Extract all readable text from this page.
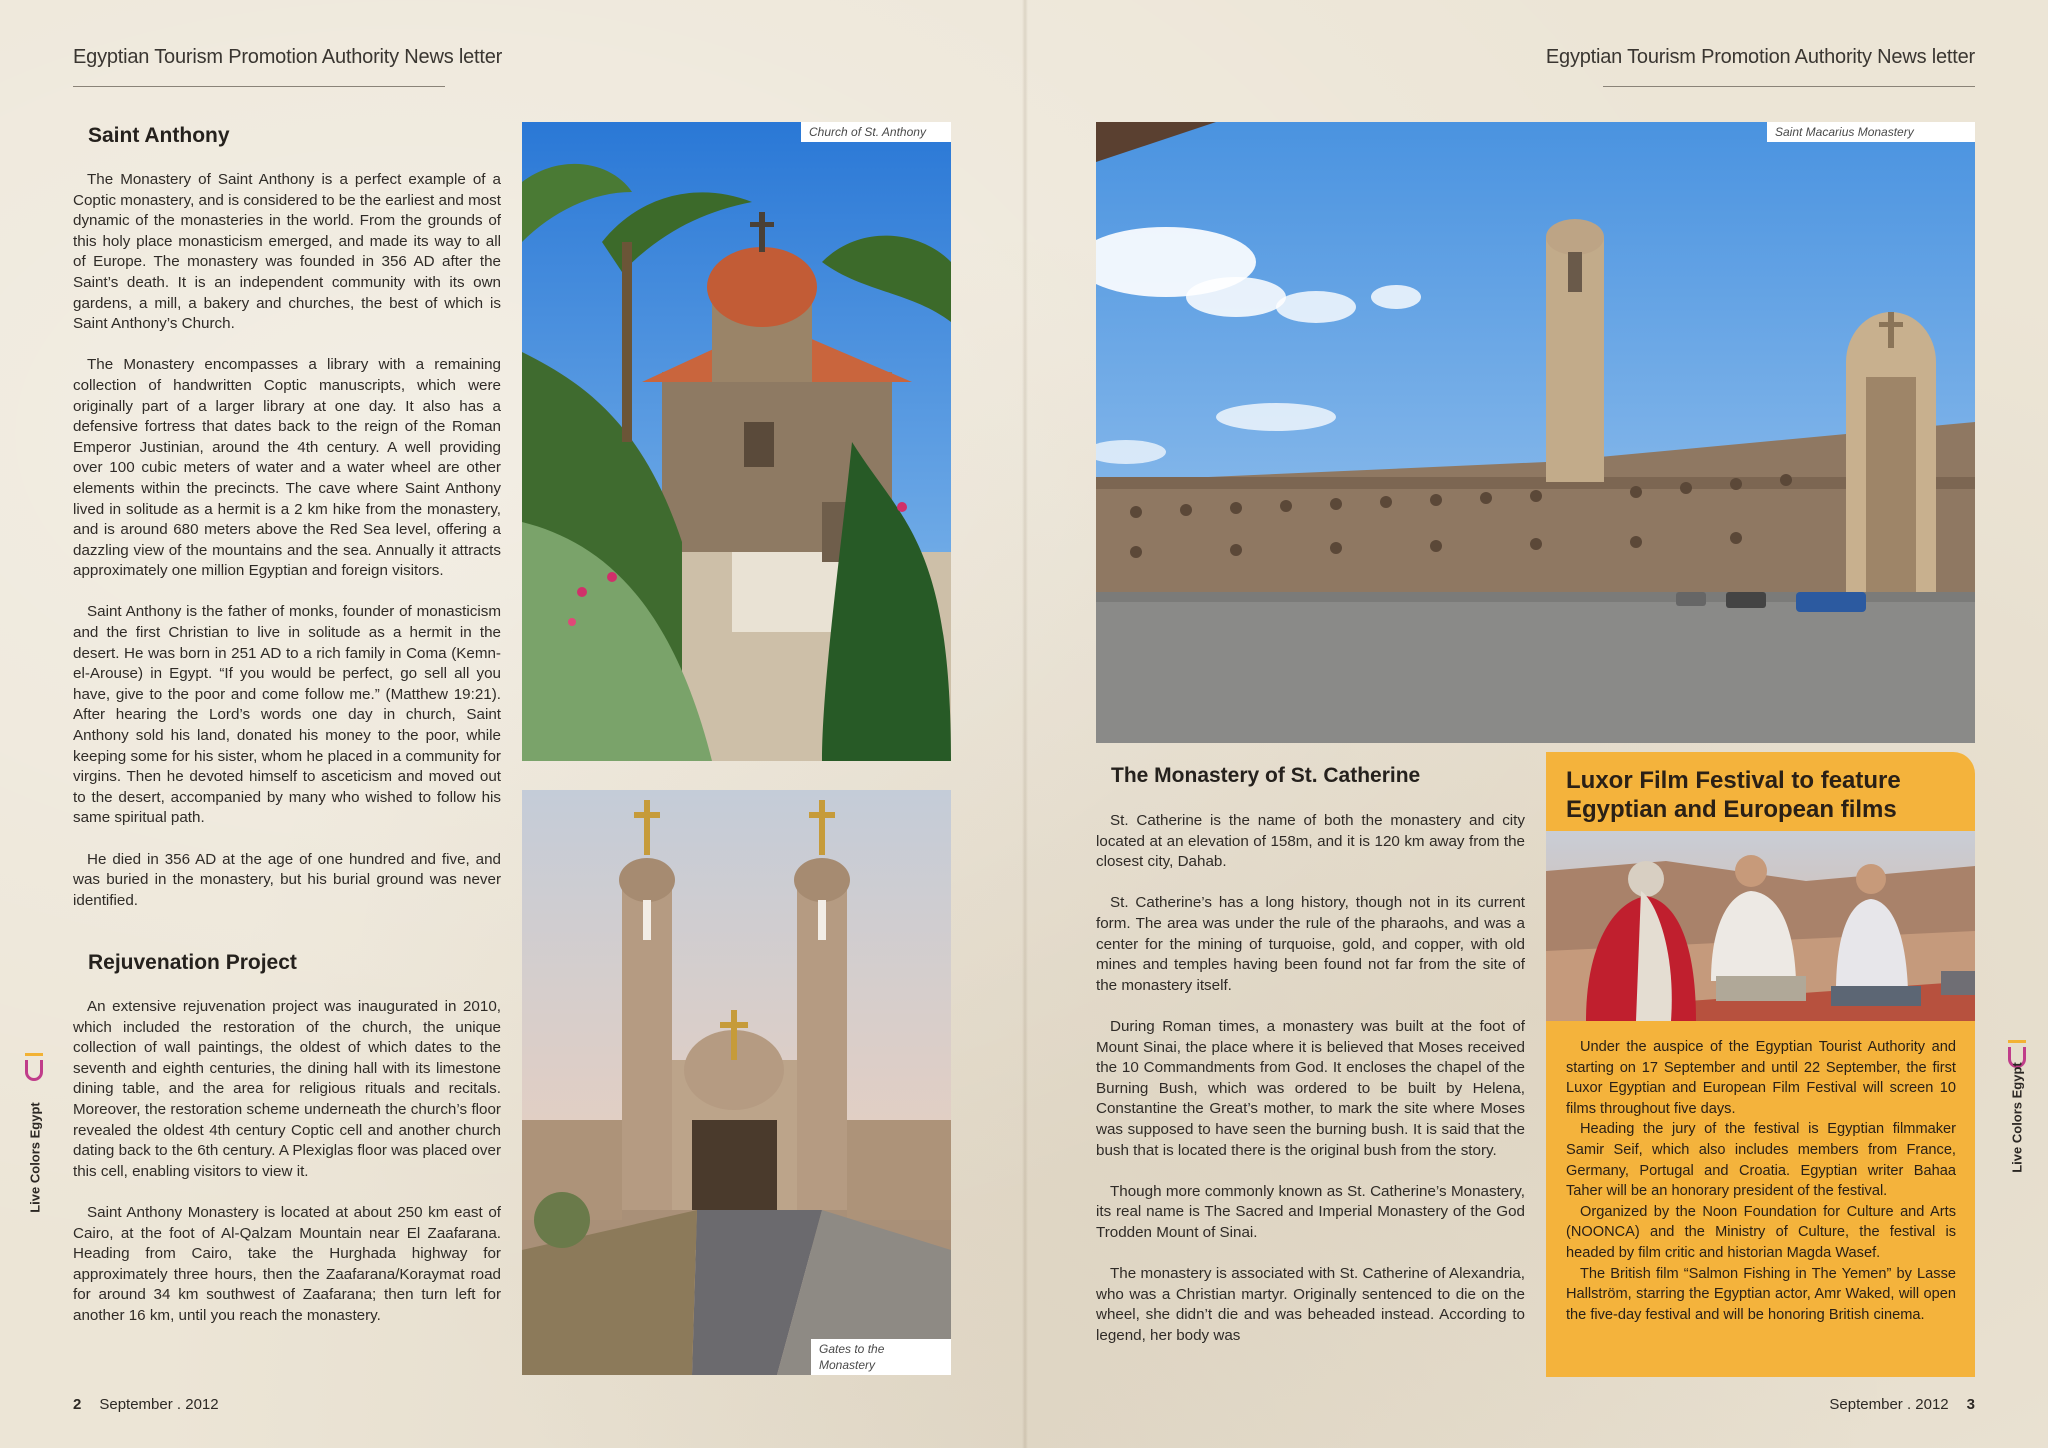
Egyptian Tourism Promotion Authority News letter	Egyptian Tourism Promotion Authority News letter
Saint Anthony

The Monastery of Saint Anthony is a perfect example of a Coptic monastery, and is considered to be the earliest and most dynamic of the monasteries in the world. From the grounds of this holy place monasticism emerged, and made its way to all of Europe. The monastery was founded in 356 AD after the Saint’s death. It is an independent community with its own gardens, a mill, a bakery and churches, the best of which is Saint Anthony’s Church.

The Monastery encompasses a library with a remaining collection of handwritten Coptic manuscripts, which were originally part of a larger library at one day. It also has a defensive fortress that dates back to the reign of the Roman Emperor Justinian, around the 4th century. A well providing over 100 cubic meters of water and a water wheel are other elements within the precincts. The cave where Saint Anthony lived in solitude as a hermit is a 2 km hike from the monastery, and is around 680 meters above the Red Sea level, offering a dazzling view of the mountains and the sea. Annually it attracts approximately one million Egyptian and foreign visitors.

Saint Anthony is the father of monks, founder of monasticism and the first Christian to live in solitude as a hermit in the desert. He was born in 251 AD to a rich family in Coma (Kemn-el-Arouse) in Egypt. “If you would be perfect, go sell all you have, give to the poor and come follow me.” (Matthew 19:21). After hearing the Lord’s words one day in church, Saint Anthony sold his land, donated his money to the poor, while keeping some for his sister, whom he placed in a community for virgins. Then he devoted himself to asceticism and moved out to the desert, accompanied by many who wished to follow his same spiritual path.

He died in 356 AD at the age of one hundred and five, and was buried in the monastery, but his burial ground was never identified.

Rejuvenation Project

An extensive rejuvenation project was inaugurated in 2010, which included the restoration of the church, the unique collection of wall paintings, the oldest of which dates to the seventh and eighth centuries, the dining hall with its limestone dining table, and the area for religious rituals and recitals. Moreover, the restoration scheme underneath the church’s floor revealed the oldest 4th century Coptic cell and another church dating back to the 6th century. A Plexiglas floor was placed over this cell, enabling visitors to view it.

Saint Anthony Monastery is located at about 250 km east of Cairo, at the foot of Al-Qalzam Mountain near El Zaafarana. Heading from Cairo, take the Hurghada highway for approximately three hours, then the Zaafarana/Koraymat road for around 34 km southwest of Zaafarana; then turn left for another 16 km, until you reach the monastery.

Church of St. Anthony
Gates to the Monastery
Live Colors Egypt
2 September . 2012
Saint Macarius Monastery
The Monastery of St. Catherine

St. Catherine is the name of both the monastery and city located at an elevation of 158m, and it is 120 km away from the closest city, Dahab.

St. Catherine’s has a long history, though not in its current form. The area was under the rule of the pharaohs, and was a center for the mining of turquoise, gold, and copper, with old mines and temples having been found not far from the site of the monastery itself.

During Roman times, a monastery was built at the foot of Mount Sinai, the place where it is believed that Moses received the 10 Commandments from God. It encloses the chapel of the Burning Bush, which was ordered to be built by Helena, Constantine the Great’s mother, to mark the site where Moses was supposed to have seen the burning bush. It is said that the bush that is located there is the original bush from the story.

Though more commonly known as St. Catherine’s Monastery, its real name is The Sacred and Imperial Monastery of the God Trodden Mount of Sinai.

The monastery is associated with St. Catherine of Alexandria, who was a Christian martyr. Originally sentenced to die on the wheel, she didn’t die and was beheaded instead. According to legend, her body was

Luxor Film Festival to feature Egyptian and European films

Under the auspice of the Egyptian Tourist Authority and starting on 17 September and until 22 September, the first Luxor Egyptian and European Film Festival will screen 10 films throughout five days.

Heading the jury of the festival is Egyptian filmmaker Samir Seif, which also includes members from France, Germany, Portugal and Croatia. Egyptian writer Bahaa Taher will be an honorary president of the festival.

Organized by the Noon Foundation for Culture and Arts (NOONCA) and the Ministry of Culture, the festival is headed by film critic and historian Magda Wasef.

The British film “Salmon Fishing in The Yemen” by Lasse Hallström, starring the Egyptian actor, Amr Waked, will open the five-day festival and will be honoring British cinema.

Live Colors Egypt
September . 2012 3
